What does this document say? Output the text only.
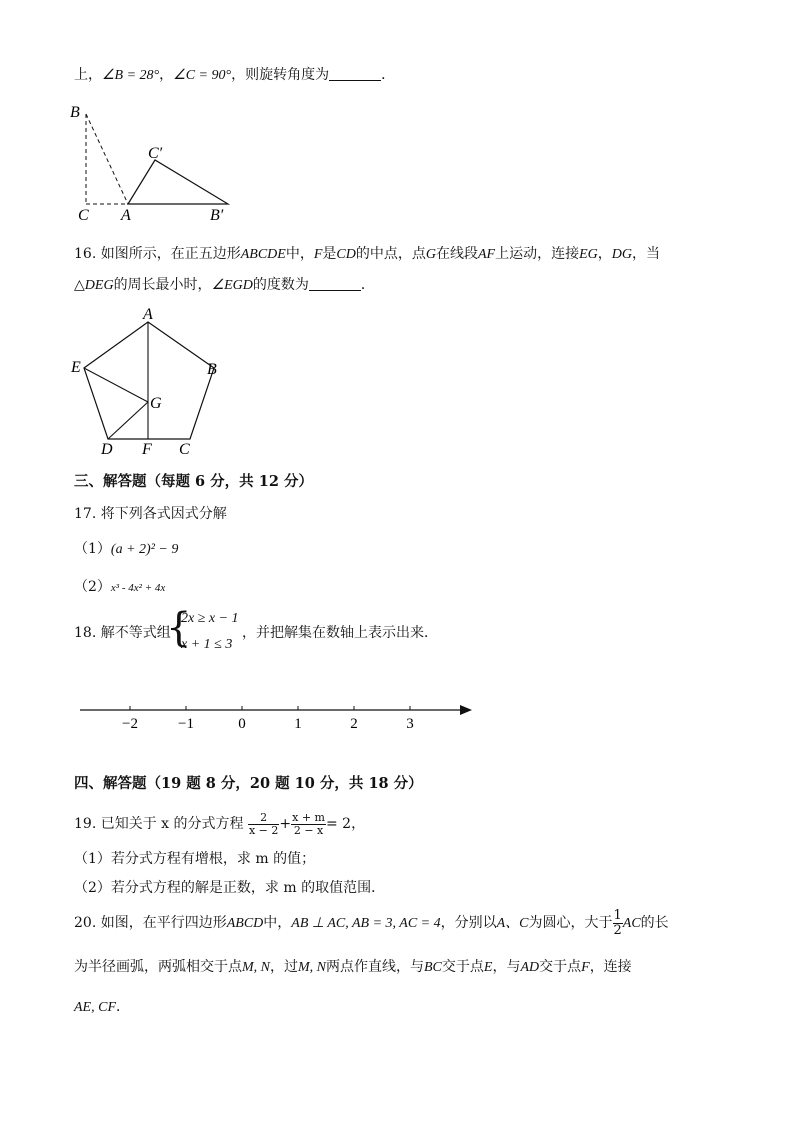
上，∠B = 28°，∠C = 90°，则旋转角度为	．
B
C′
C A	B′
16. 如图所示，在正五边形ABCDE中，F是CD的中点，点G在线段AF上运动，连接EG，DG，当
△DEG的周长最小时，∠EGD的度数为	．
A
E	B
G
D F C
三、解答题（每题 6 分，共 12 分）
17. 将下列各式因式分解
（1）(a + 2)² − 9
（2）x³ - 4x² + 4x
18. 解不等式组
{
2x ≥ x − 1
x + 1 ≤ 3
，并把解集在数轴上表示出来．
−2	−1	0	1	2	3
四、解答题（19 题 8 分，20 题 10 分，共 18 分）
19. 已知关于 x 的分式方程 $\frac{2}{x - 2} + \frac{x + m}{2 - x} = 2$，
（1）若分式方程有增根，求 m 的值；
（2）若分式方程的解是正数，求 m 的取值范围．
20. 如图，在平行四边形ABCD中，AB ⊥ AC, AB = 3, AC = 4，分别以A、C为圆心，大于 $\frac{1}{2}$ AC的长
为半径画弧，两弧相交于点M, N，过M, N两点作直线，与BC交于点E，与AD交于点F，连接
AE, CF．
